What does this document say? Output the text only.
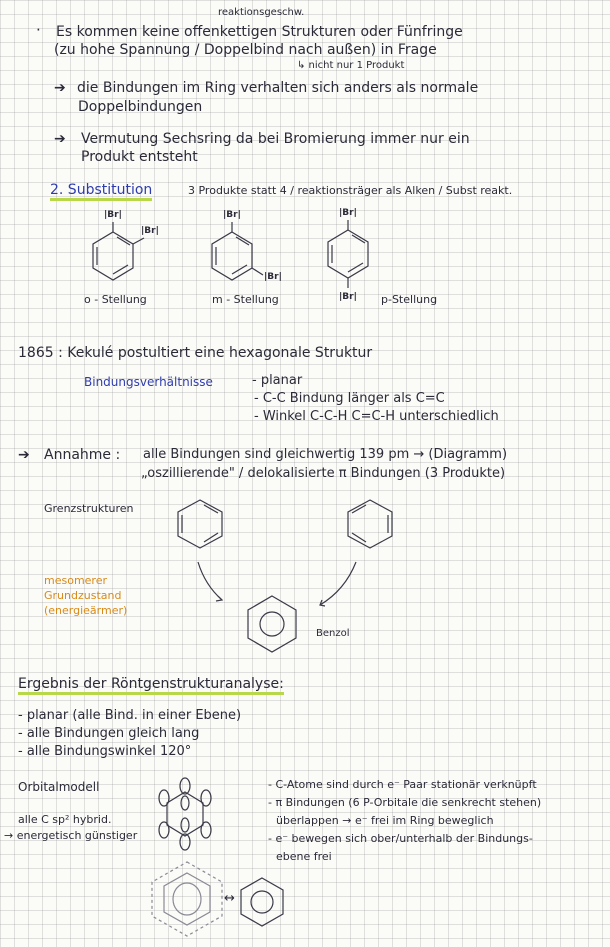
reaktionsgeschw.
· Es kommen keine offenkettigen Strukturen oder Fünfringe
(zu hohe Spannung / Doppelbind nach außen) in Frage
↳ nicht nur 1 Produkt
➔ die Bindungen im Ring verhalten sich anders als normale
Doppelbindungen
➔ Vermutung Sechsring da bei Bromierung immer nur ein
Produkt entsteht
2. Substitution	3 Produkte statt 4 / reaktionsträger als Alken / Subst reakt.
|Br|
|Br|
|Br|
|Br|
|Br|
|Br|
o - Stellung	m - Stellung	p-Stellung
1865 : Kekulé postultiert eine hexagonale Struktur
Bindungsverhältnisse	- planar
- C-C Bindung länger als C=C
- Winkel C-C-H C=C-H unterschiedlich
➔ Annahme : alle Bindungen sind gleichwertig 139 pm → (Diagramm)
„oszillierende" / delokalisierte π Bindungen (3 Produkte)
Grenzstrukturen
mesomerer
Grundzustand
(energieärmer)
Benzol
Ergebnis der Röntgenstrukturanalyse:
- planar (alle Bind. in einer Ebene)
- alle Bindungen gleich lang
- alle Bindungswinkel 120°
Orbitalmodell
alle C sp² hybrid.
→ energetisch günstiger
- C-Atome sind durch e⁻ Paar stationär verknüpft
- π Bindungen (6 P-Orbitale die senkrecht stehen)
überlappen → e⁻ frei im Ring beweglich
- e⁻ bewegen sich ober/unterhalb der Bindungs-
ebene frei
↔
